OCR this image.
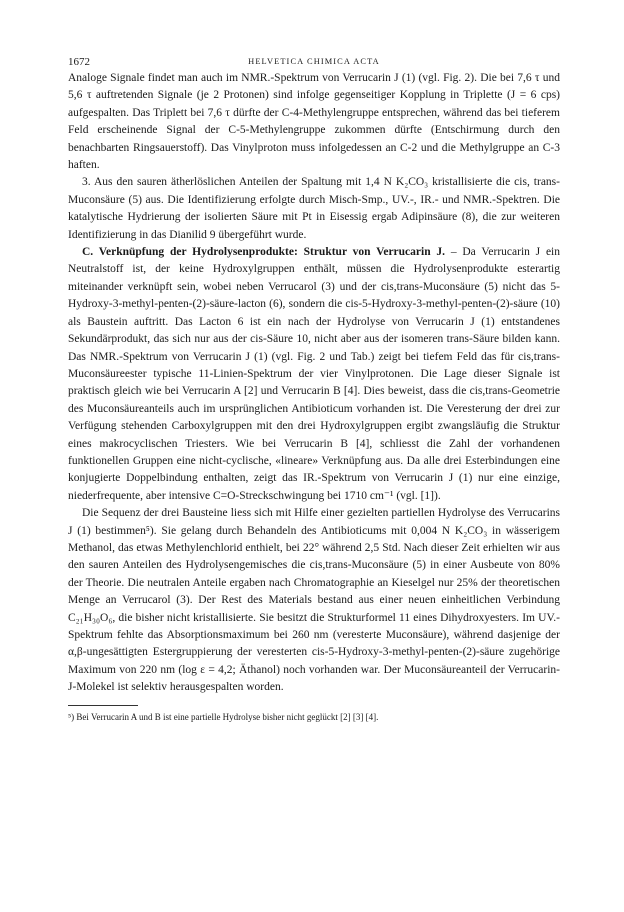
1672	HELVETICA CHIMICA ACTA

Analoge Signale findet man auch im NMR.-Spektrum von Verrucarin J (1) (vgl. Fig. 2). Die bei 7,6 τ und 5,6 τ auftretenden Signale (je 2 Protonen) sind infolge gegenseitiger Kopplung in Triplette (J = 6 cps) aufgespalten. Das Triplett bei 7,6 τ dürfte der C-4-Methylengruppe entsprechen, während das bei tieferem Feld erscheinende Signal der C-5-Methylengruppe zukommen dürfte (Entschirmung durch den benachbarten Ringsauerstoff). Das Vinylproton muss infolgedessen an C-2 und die Methylgruppe an C-3 haften.

3. Aus den sauren ätherlöslichen Anteilen der Spaltung mit 1,4 N K₂CO₃ kristallisierte die cis, trans-Muconsäure (5) aus. Die Identifizierung erfolgte durch Misch-Smp., UV.-, IR.- und NMR.-Spektren. Die katalytische Hydrierung der isolierten Säure mit Pt in Eisessig ergab Adipinsäure (8), die zur weiteren Identifizierung in das Dianilid 9 übergeführt wurde.

C. Verknüpfung der Hydrolysenprodukte: Struktur von Verrucarin J. – Da Verrucarin J ein Neutralstoff ist, der keine Hydroxylgruppen enthält, müssen die Hydrolysenprodukte esterartig miteinander verknüpft sein, wobei neben Verrucarol (3) und der cis,trans-Muconsäure (5) nicht das 5-Hydroxy-3-methyl-penten-(2)-säure-lacton (6), sondern die cis-5-Hydroxy-3-methyl-penten-(2)-säure (10) als Baustein auftritt. Das Lacton 6 ist ein nach der Hydrolyse von Verrucarin J (1) entstandenes Sekundärprodukt, das sich nur aus der cis-Säure 10, nicht aber aus der isomeren trans-Säure bilden kann. Das NMR.-Spektrum von Verrucarin J (1) (vgl. Fig. 2 und Tab.) zeigt bei tiefem Feld das für cis,trans-Muconsäureester typische 11-Linien-Spektrum der vier Vinylprotonen. Die Lage dieser Signale ist praktisch gleich wie bei Verrucarin A [2] und Verrucarin B [4]. Dies beweist, dass die cis,trans-Geometrie des Muconsäureanteils auch im ursprünglichen Antibioticum vorhanden ist. Die Veresterung der drei zur Verfügung stehenden Carboxylgruppen mit den drei Hydroxylgruppen ergibt zwangsläufig die Struktur eines makrocyclischen Triesters. Wie bei Verrucarin B [4], schliesst die Zahl der vorhandenen funktionellen Gruppen eine nicht-cyclische, «lineare» Verknüpfung aus. Da alle drei Esterbindungen eine konjugierte Doppelbindung enthalten, zeigt das IR.-Spektrum von Verrucarin J (1) nur eine einzige, niederfrequente, aber intensive C=O-Streckschwingung bei 1710 cm⁻¹ (vgl. [1]).

Die Sequenz der drei Bausteine liess sich mit Hilfe einer gezielten partiellen Hydrolyse des Verrucarins J (1) bestimmen⁵). Sie gelang durch Behandeln des Antibioticums mit 0,004 N K₂CO₃ in wässerigem Methanol, das etwas Methylenchlorid enthielt, bei 22° während 2,5 Std. Nach dieser Zeit erhielten wir aus den sauren Anteilen des Hydrolysengemisches die cis,trans-Muconsäure (5) in einer Ausbeute von 80% der Theorie. Die neutralen Anteile ergaben nach Chromatographie an Kieselgel nur 25% der theoretischen Menge an Verrucarol (3). Der Rest des Materials bestand aus einer neuen einheitlichen Verbindung C₂₁H₃₀O₆, die bisher nicht kristallisierte. Sie besitzt die Strukturformel 11 eines Dihydroxyesters. Im UV.-Spektrum fehlte das Absorptionsmaximum bei 260 nm (veresterte Muconsäure), während dasjenige der α,β-ungesättigten Estergruppierung der veresterten cis-5-Hydroxy-3-methyl-penten-(2)-säure zugehörige Maximum von 220 nm (log ε = 4,2; Äthanol) noch vorhanden war. Der Muconsäureanteil der Verrucarin-J-Molekel ist selektiv herausgespalten worden.

⁵) Bei Verrucarin A und B ist eine partielle Hydrolyse bisher nicht geglückt [2] [3] [4].
